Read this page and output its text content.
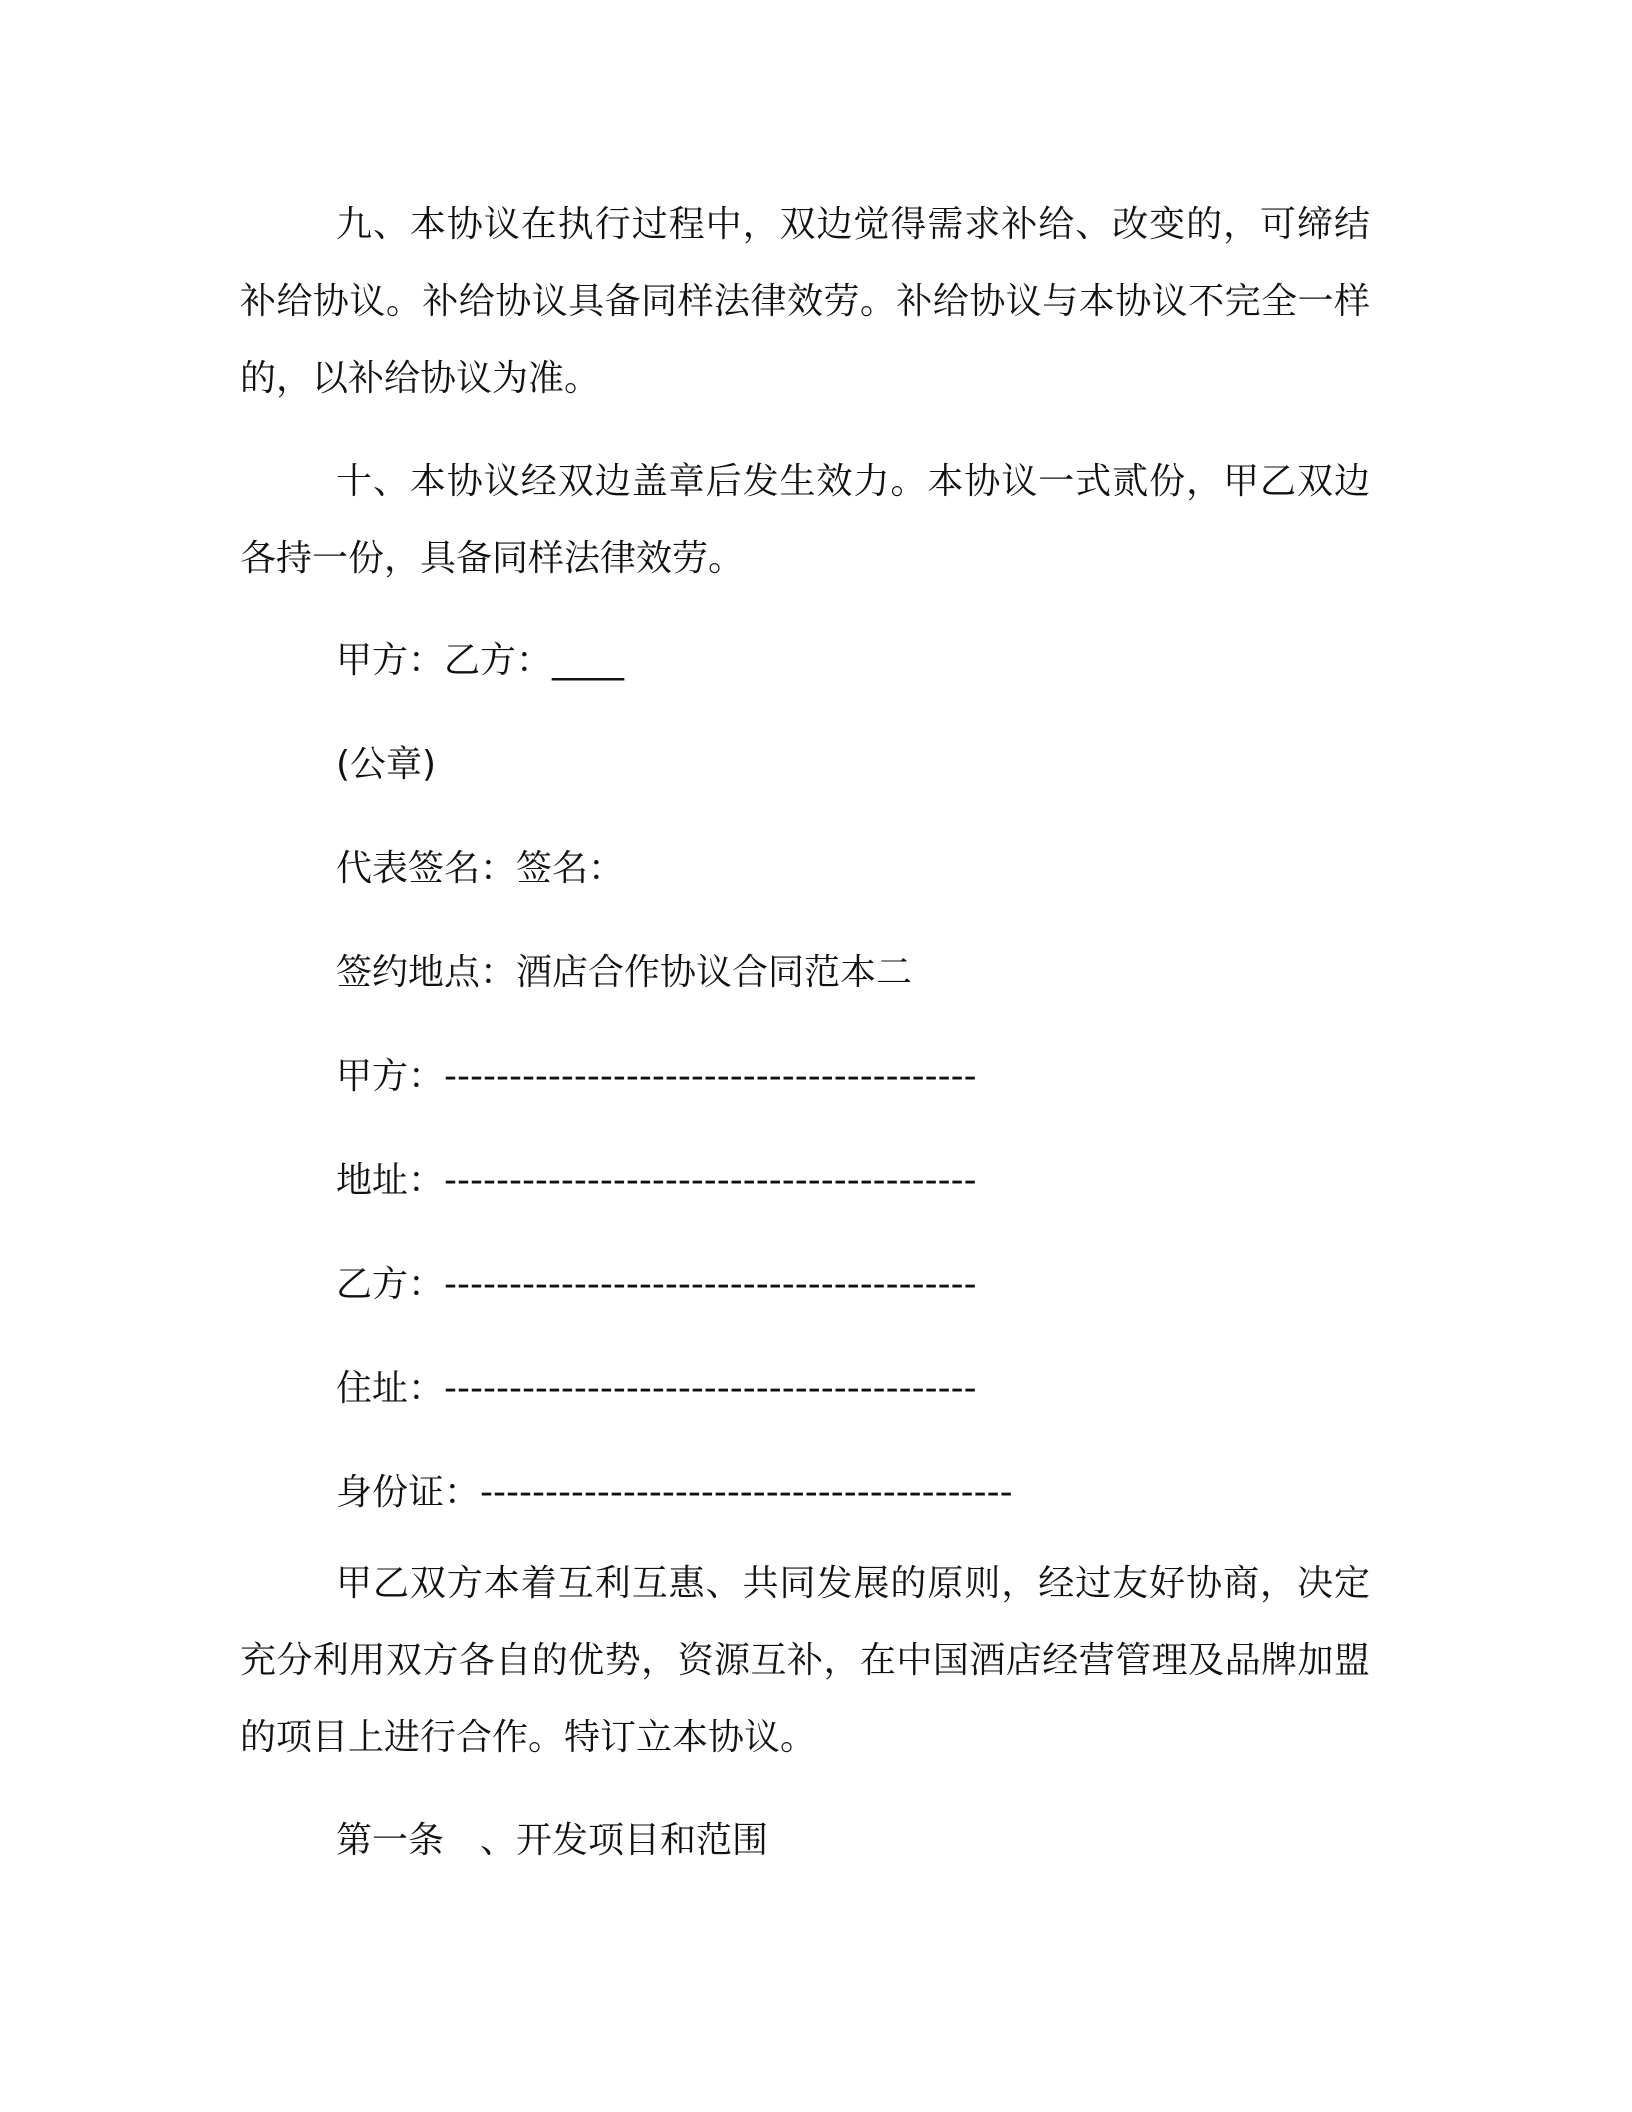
九、本协议在执行过程中，双边觉得需求补给、改变的，可缔结补给协议。补给协议具备同样法律效劳。补给协议与本协议不完全一样的，以补给协议为准。

十、本协议经双边盖章后发生效力。本协议一式贰份，甲乙双边各持一份，具备同样法律效劳。

甲方：乙方：____

(公章)

代表签名：签名：

签约地点：酒店合作协议合同范本二

甲方：-----------------------------------------

地址：-----------------------------------------

乙方：-----------------------------------------

住址：-----------------------------------------

身份证：-----------------------------------------

甲乙双方本着互利互惠、共同发展的原则，经过友好协商，决定充分利用双方各自的优势，资源互补，在中国酒店经营管理及品牌加盟的项目上进行合作。特订立本协议。

第一条　、开发项目和范围
